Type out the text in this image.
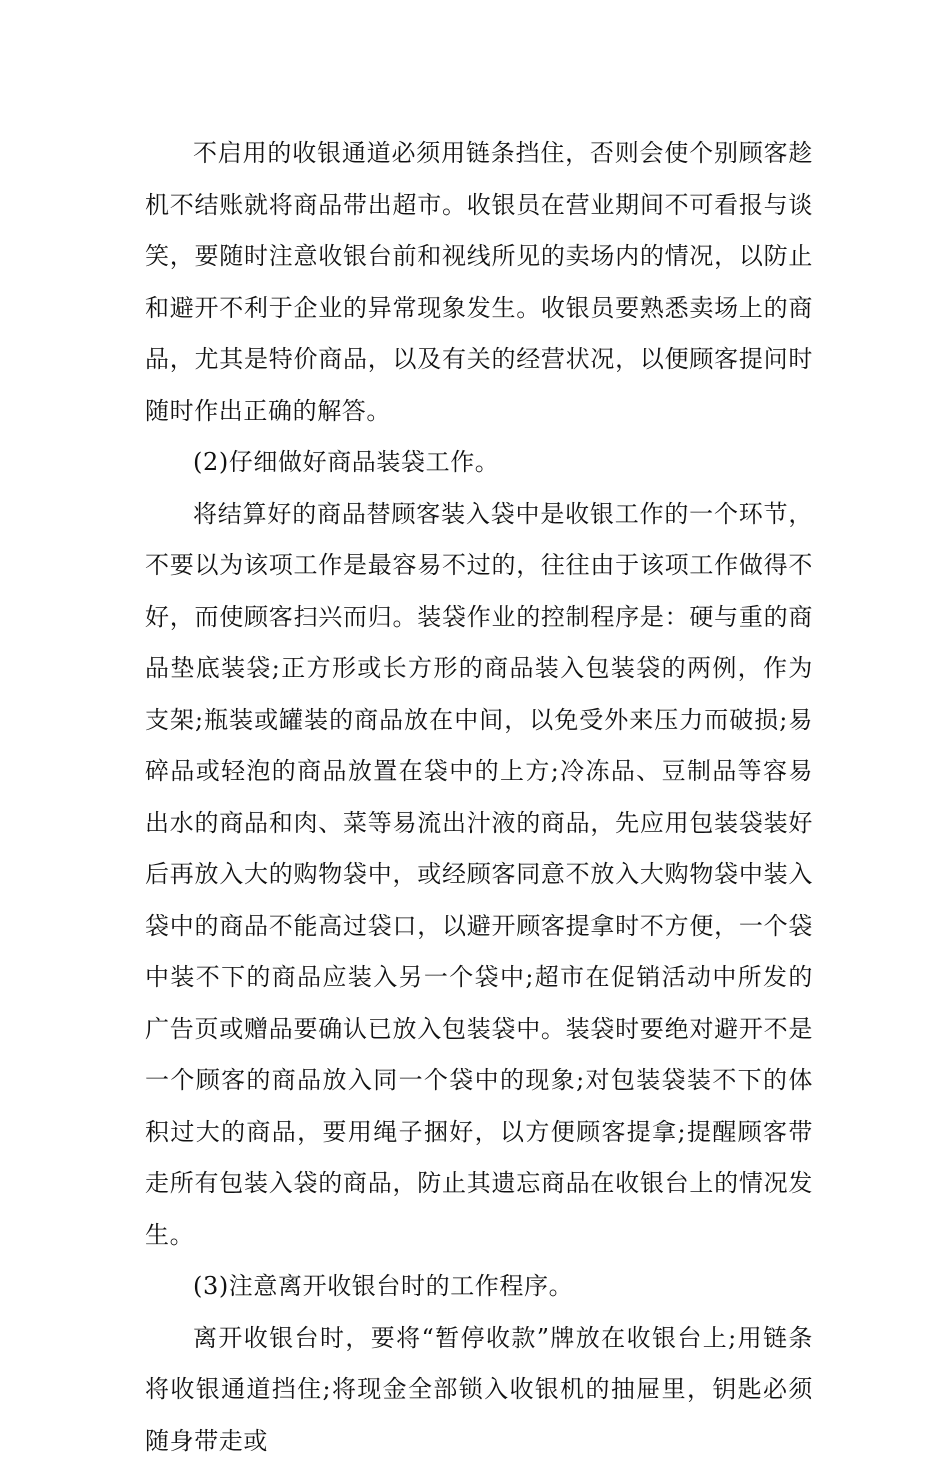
不启用的收银通道必须用链条挡住，否则会使个别顾客趁机不结账就将商品带出超市。收银员在营业期间不可看报与谈笑，要随时注意收银台前和视线所见的卖场内的情况，以防止和避开不利于企业的异常现象发生。收银员要熟悉卖场上的商品，尤其是特价商品，以及有关的经营状况，以便顾客提问时随时作出正确的解答。

(2)仔细做好商品装袋工作。

将结算好的商品替顾客装入袋中是收银工作的一个环节，不要以为该项工作是最容易不过的，往往由于该项工作做得不好，而使顾客扫兴而归。装袋作业的控制程序是：硬与重的商品垫底装袋;正方形或长方形的商品装入包装袋的两例，作为支架;瓶装或罐装的商品放在中间，以免受外来压力而破损;易碎品或轻泡的商品放置在袋中的上方;冷冻品、豆制品等容易出水的商品和肉、菜等易流出汁液的商品，先应用包装袋装好后再放入大的购物袋中，或经顾客同意不放入大购物袋中装入袋中的商品不能高过袋口，以避开顾客提拿时不方便，一个袋中装不下的商品应装入另一个袋中;超市在促销活动中所发的广告页或赠品要确认已放入包装袋中。装袋时要绝对避开不是一个顾客的商品放入同一个袋中的现象;对包装袋装不下的体积过大的商品，要用绳子捆好，以方便顾客提拿;提醒顾客带走所有包装入袋的商品，防止其遗忘商品在收银台上的情况发生。

(3)注意离开收银台时的工作程序。

离开收银台时，要将“暂停收款”牌放在收银台上;用链条将收银通道挡住;将现金全部锁入收银机的抽屉里，钥匙必须随身带走或
